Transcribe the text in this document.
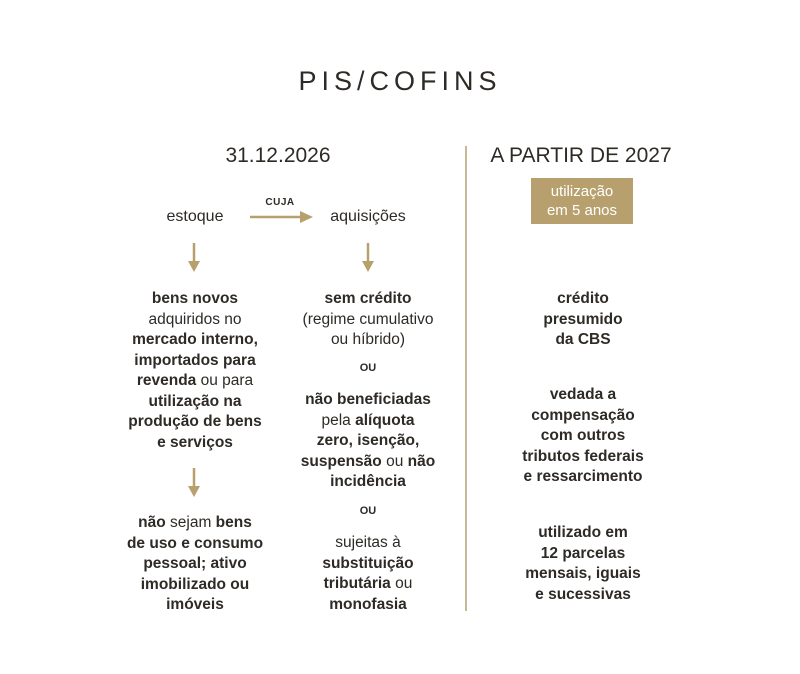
PIS/COFINS
31.12.2026	A PARTIR DE 2027
utilização
em 5 anos
estoque
CUJA
aquisições
bens novos
adquiridos no
mercado interno,
importados para
revenda ou para
utilização na
produção de bens
e serviços
não sejam bens
de uso e consumo
pessoal; ativo
imobilizado ou
imóveis
sem crédito
(regime cumulativo
ou híbrido)
OU
não beneficiadas
pela alíquota
zero, isenção,
suspensão ou não
incidência
OU
sujeitas à
substituição
tributária ou
monofasia
crédito
presumido
da CBS
vedada a
compensação
com outros
tributos federais
e ressarcimento
utilizado em
12 parcelas
mensais, iguais
e sucessivas
